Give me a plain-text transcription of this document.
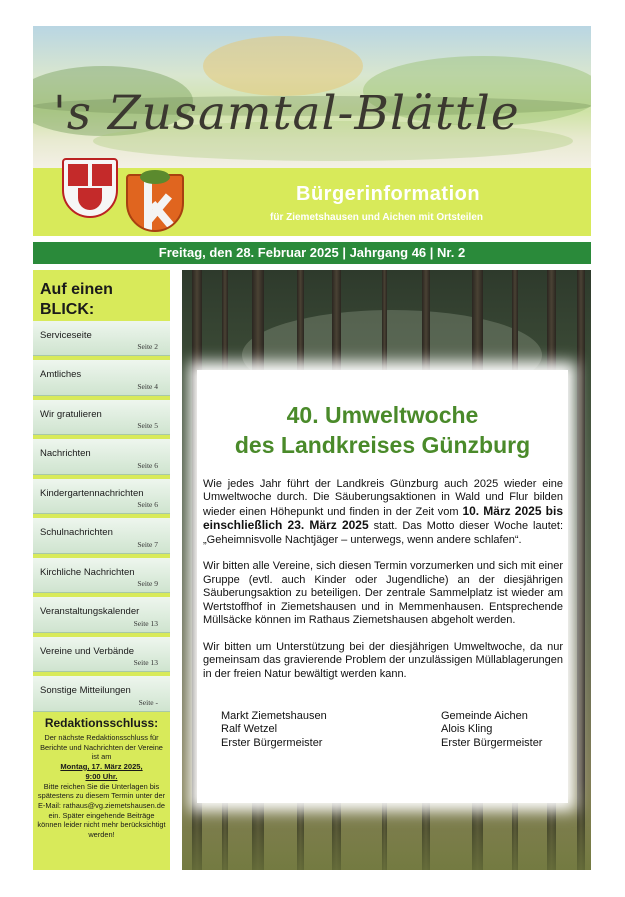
's Zusamtal-Blättle
Bürgerinformation
für Ziemetshausen und Aichen mit Ortsteilen
Freitag, den 28. Februar 2025 | Jahrgang 46 | Nr. 2
Auf einen
BLICK:
Serviceseite
Seite 2
Amtliches
Seite 4
Wir gratulieren
Seite 5
Nachrichten
Seite 6
Kindergartennachrichten
Seite 6
Schulnachrichten
Seite 7
Kirchliche Nachrichten
Seite 9
Veranstaltungskalender
Seite 13
Vereine und Verbände
Seite 13
Sonstige Mitteilungen
Seite -
Redaktionsschluss:
Der nächste Redaktionsschluss für Berichte und Nachrichten der Vereine ist am
Montag, 17. März 2025,
9:00 Uhr.
Bitte reichen Sie die Unterlagen bis spätestens zu diesem Termin unter der E-Mail: rathaus@vg.ziemetshausen.de ein. Später eingehende Beiträge können leider nicht mehr berücksichtigt werden!
40. Umweltwoche
des Landkreises Günzburg

Wie jedes Jahr führt der Landkreis Günzburg auch 2025 wieder eine Umweltwoche durch. Die Säuberungsaktionen in Wald und Flur bilden wieder einen Höhepunkt und finden in der Zeit vom 10. März 2025 bis einschließlich 23. März 2025 statt. Das Motto dieser Woche lautet: „Geheimnisvolle Nachtjäger – unterwegs, wenn andere schlafen“.

Wir bitten alle Vereine, sich diesen Termin vorzumerken und sich mit einer Gruppe (evtl. auch Kinder oder Jugendliche) an der diesjährigen Säuberungsaktion zu beteiligen. Der zentrale Sammelplatz ist wieder am Wertstoffhof in Ziemetshausen und in Memmenhausen. Entsprechende Müllsäcke können im Rathaus Ziemetshausen abgeholt werden.

Wir bitten um Unterstützung bei der diesjährigen Umweltwoche, da nur gemeinsam das gravierende Problem der unzulässigen Müllablagerungen in der freien Natur bewältigt werden kann.

Markt Ziemetshausen
Ralf Wetzel
Erster Bürgermeister
Gemeinde Aichen
Alois Kling
Erster Bürgermeister
